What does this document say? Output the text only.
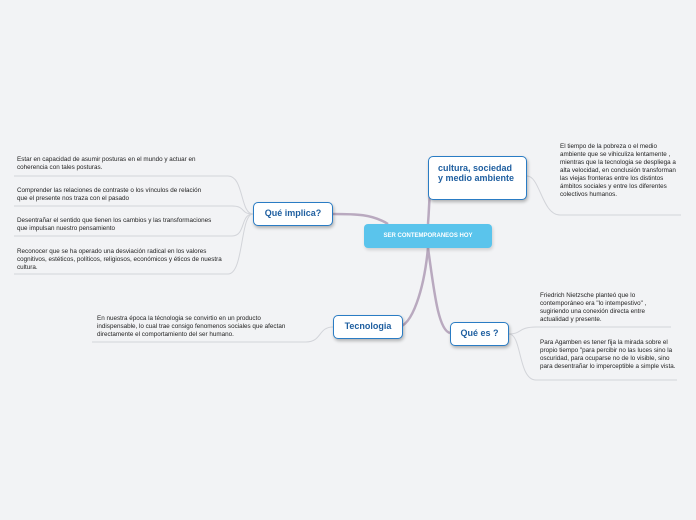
SER CONTEMPORANEOS HOY
cultura, sociedad y medio ambiente
El tiempo de la pobreza o el medio ambiente que se vihiculiza lentamente , mientras que la tecnologia se despliega a alta velocidad, en conclusión transforman las viejas fronteras entre los distintos ámbitos sociales y entre los diferentes colectivos humanos.
Qué implica?
Estar en capacidad de asumir posturas en el mundo y actuar en coherencia con tales posturas.
Comprender las relaciones de contraste o los vínculos de relación que el presente nos traza con el pasado
Desentrañar el sentido que tienen los cambios y las transformaciones que impulsan nuestro pensamiento
Reconocer que se ha operado una desviación radical en los valores cognitivos, estéticos, políticos, religiosos, económicos y éticos de nuestra cultura.
Tecnologia
En nuestra época la técnologia se convirtio en un producto indispensable, lo cual trae consigo fenomenos sociales que afectan directamente el comportamiento del ser humano.	Qué es ?
Friedrich Nietzsche planteó que lo contemporáneo era "lo intempestivo" , sugiriendo una conexión directa entre actualidad y presente.
Para Agamben es tener fija la mirada sobre el propio tiempo "para percibir no las luces sino la oscuridad, para ocuparse no de lo visible, sino para desentrañar lo imperceptible a simple vista.
